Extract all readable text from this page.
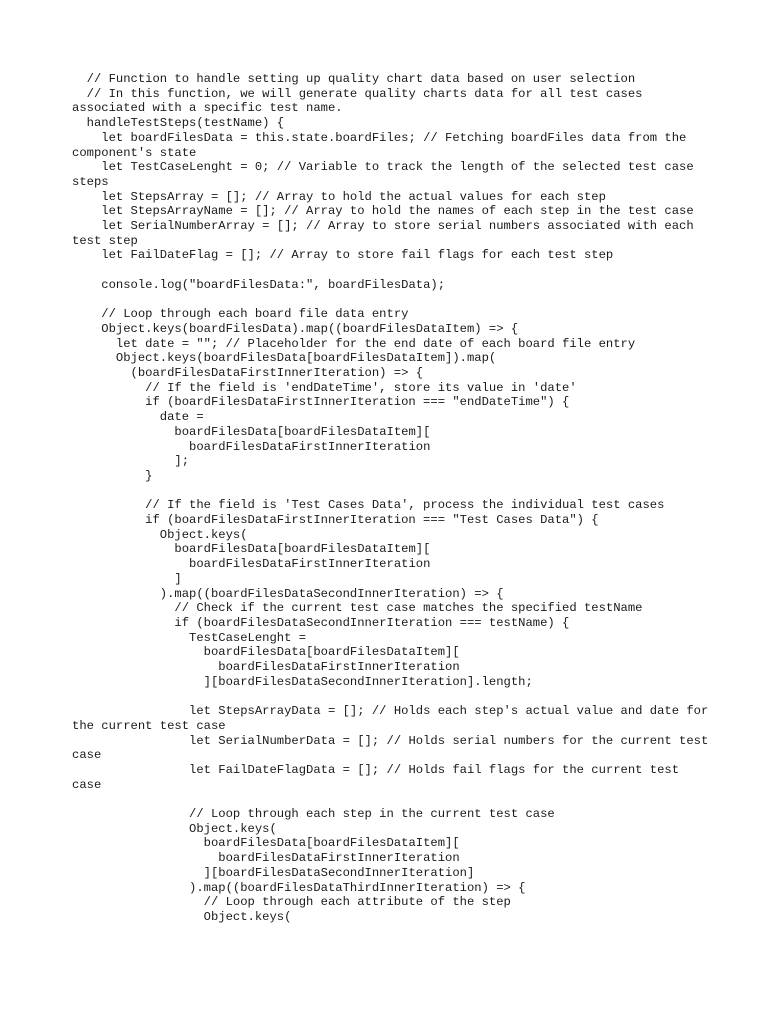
// Function to handle setting up quality chart data based on user selection
// In this function, we will generate quality charts data for all test cases associated with a specific test name.
handleTestSteps(testName) {
let boardFilesData = this.state.boardFiles; // Fetching boardFiles data from the component's state
let TestCaseLenght = 0; // Variable to track the length of the selected test case steps
let StepsArray = []; // Array to hold the actual values for each step
let StepsArrayName = []; // Array to hold the names of each step in the test case
let SerialNumberArray = []; // Array to store serial numbers associated with each test step
let FailDateFlag = []; // Array to store fail flags for each test step
console.log("boardFilesData:", boardFilesData);
// Loop through each board file data entry
Object.keys(boardFilesData).map((boardFilesDataItem) => {
let date = ""; // Placeholder for the end date of each board file entry
Object.keys(boardFilesData[boardFilesDataItem]).map(
(boardFilesDataFirstInnerIteration) => {
// If the field is 'endDateTime', store its value in 'date'
if (boardFilesDataFirstInnerIteration === "endDateTime") {
date =
boardFilesData[boardFilesDataItem][
boardFilesDataFirstInnerIteration
];
}
// If the field is 'Test Cases Data', process the individual test cases
if (boardFilesDataFirstInnerIteration === "Test Cases Data") {
Object.keys(
boardFilesData[boardFilesDataItem][
boardFilesDataFirstInnerIteration
]
).map((boardFilesDataSecondInnerIteration) => {
// Check if the current test case matches the specified testName
if (boardFilesDataSecondInnerIteration === testName) {
TestCaseLenght =
boardFilesData[boardFilesDataItem][
boardFilesDataFirstInnerIteration
][boardFilesDataSecondInnerIteration].length;
let StepsArrayData = []; // Holds each step's actual value and date for the current test case
let SerialNumberData = []; // Holds serial numbers for the current test case
let FailDateFlagData = []; // Holds fail flags for the current test case
// Loop through each step in the current test case
Object.keys(
boardFilesData[boardFilesDataItem][
boardFilesDataFirstInnerIteration
][boardFilesDataSecondInnerIteration]
).map((boardFilesDataThirdInnerIteration) => {
// Loop through each attribute of the step
Object.keys(
